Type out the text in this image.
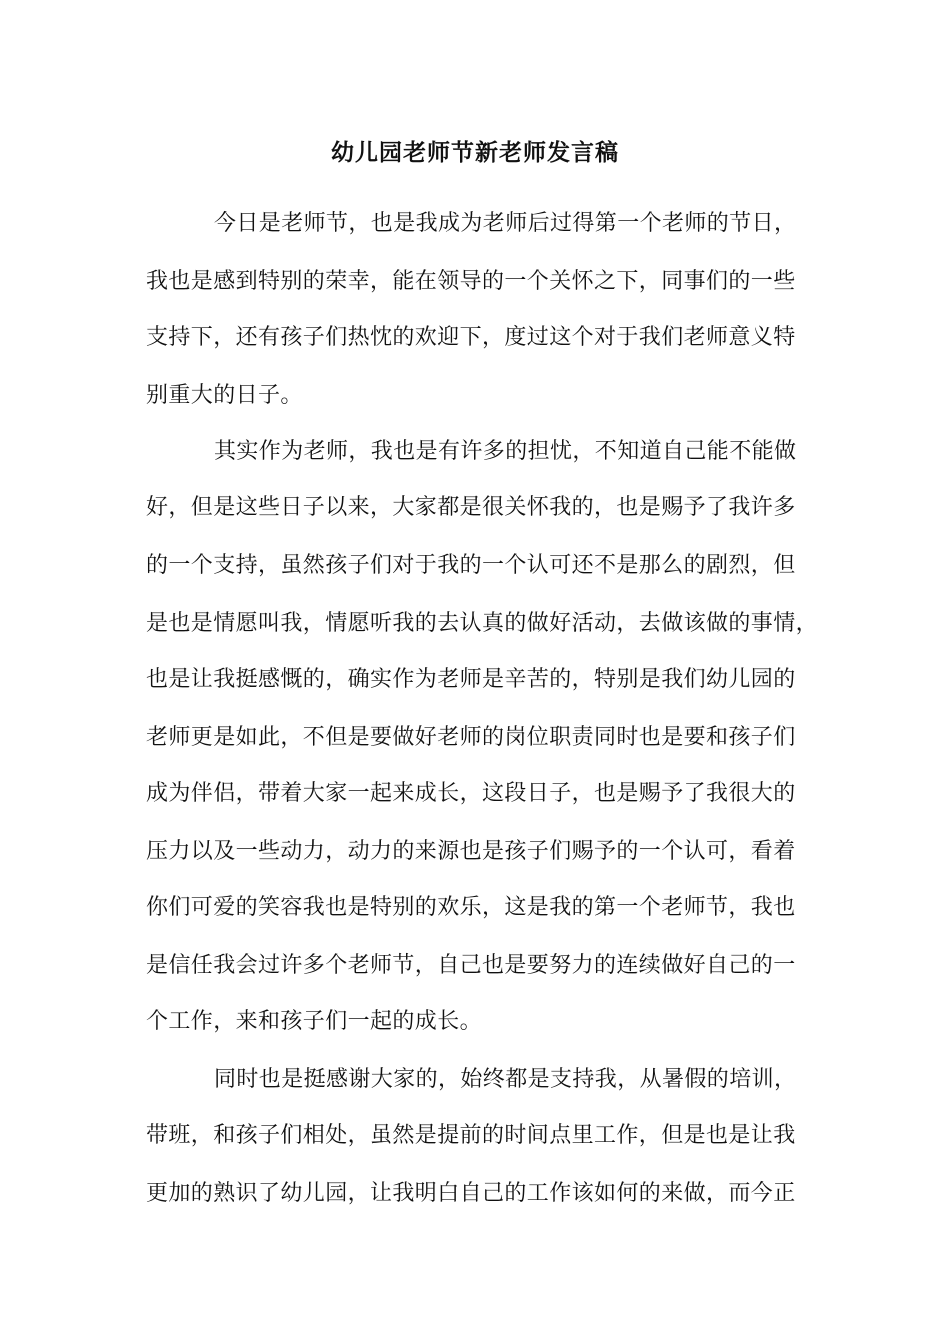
幼儿园老师节新老师发言稿
今日是老师节，也是我成为老师后过得第一个老师的节日，
我也是感到特别的荣幸，能在领导的一个关怀之下，同事们的一些
支持下，还有孩子们热忱的欢迎下，度过这个对于我们老师意义特
别重大的日子。
其实作为老师，我也是有许多的担忧，不知道自己能不能做
好，但是这些日子以来，大家都是很关怀我的，也是赐予了我许多
的一个支持，虽然孩子们对于我的一个认可还不是那么的剧烈，但
是也是情愿叫我，情愿听我的去认真的做好活动，去做该做的事情，
也是让我挺感慨的，确实作为老师是辛苦的，特别是我们幼儿园的
老师更是如此，不但是要做好老师的岗位职责同时也是要和孩子们
成为伴侣，带着大家一起来成长，这段日子，也是赐予了我很大的
压力以及一些动力，动力的来源也是孩子们赐予的一个认可，看着
你们可爱的笑容我也是特别的欢乐，这是我的第一个老师节，我也
是信任我会过许多个老师节，自己也是要努力的连续做好自己的一
个工作，来和孩子们一起的成长。
同时也是挺感谢大家的，始终都是支持我，从暑假的培训，
带班，和孩子们相处，虽然是提前的时间点里工作，但是也是让我
更加的熟识了幼儿园，让我明白自己的工作该如何的来做，而今正
